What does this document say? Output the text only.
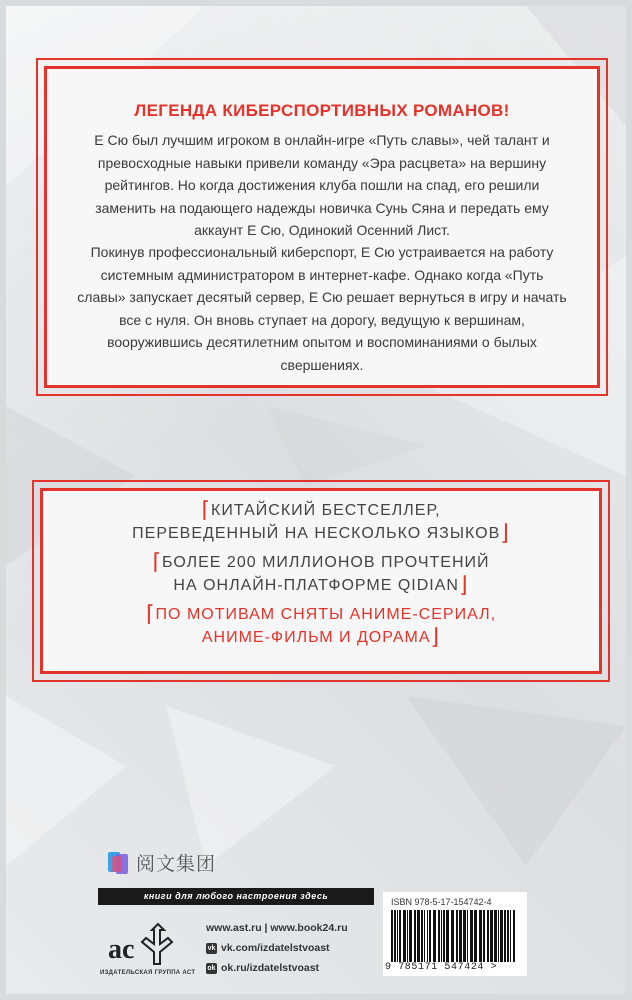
ЛЕГЕНДА КИБЕРСПОРТИВНЫХ РОМАНОВ!

Е Сю был лучшим игроком в онлайн-игре «Путь славы», чей талант и превосходные навыки привели команду «Эра расцвета» на вершину рейтингов. Но когда достижения клуба пошли на спад, его решили заменить на подающего надежды новичка Сунь Сяна и передать ему аккаунт Е Сю, Одинокий Осенний Лист.

Покинув профессиональный киберспорт, Е Сю устраивается на работу системным администратором в интернет-кафе. Однако когда «Путь славы» запускает десятый сервер, Е Сю решает вернуться в игру и начать все с нуля. Он вновь ступает на дорогу, ведущую к вершинам, вооружившись десятилетним опытом и воспоминаниями о былых свершениях.

⌈КИТАЙСКИЙ БЕСТСЕЛЛЕР,
ПЕРЕВЕДЕННЫЙ НА НЕСКОЛЬКО ЯЗЫКОВ⌋
⌈БОЛЕЕ 200 МИЛЛИОНОВ ПРОЧТЕНИЙ
НА ОНЛАЙН-ПЛАТФОРМЕ QIDIAN⌋
⌈ПО МОТИВАМ СНЯТЫ АНИМЕ-СЕРИАЛ,
АНИМЕ-ФИЛЬМ И ДОРАМА⌋
阅文集团
книги для любого настроения здесь
ac
ИЗДАТЕЛЬСКАЯ ГРУППА АСТ
www.ast.ru | www.book24.ru
vk vk.com/izdatelstvoast
ok ok.ru/izdatelstvoast
ISBN 978-5-17-154742-4
9 785171 547424 >
